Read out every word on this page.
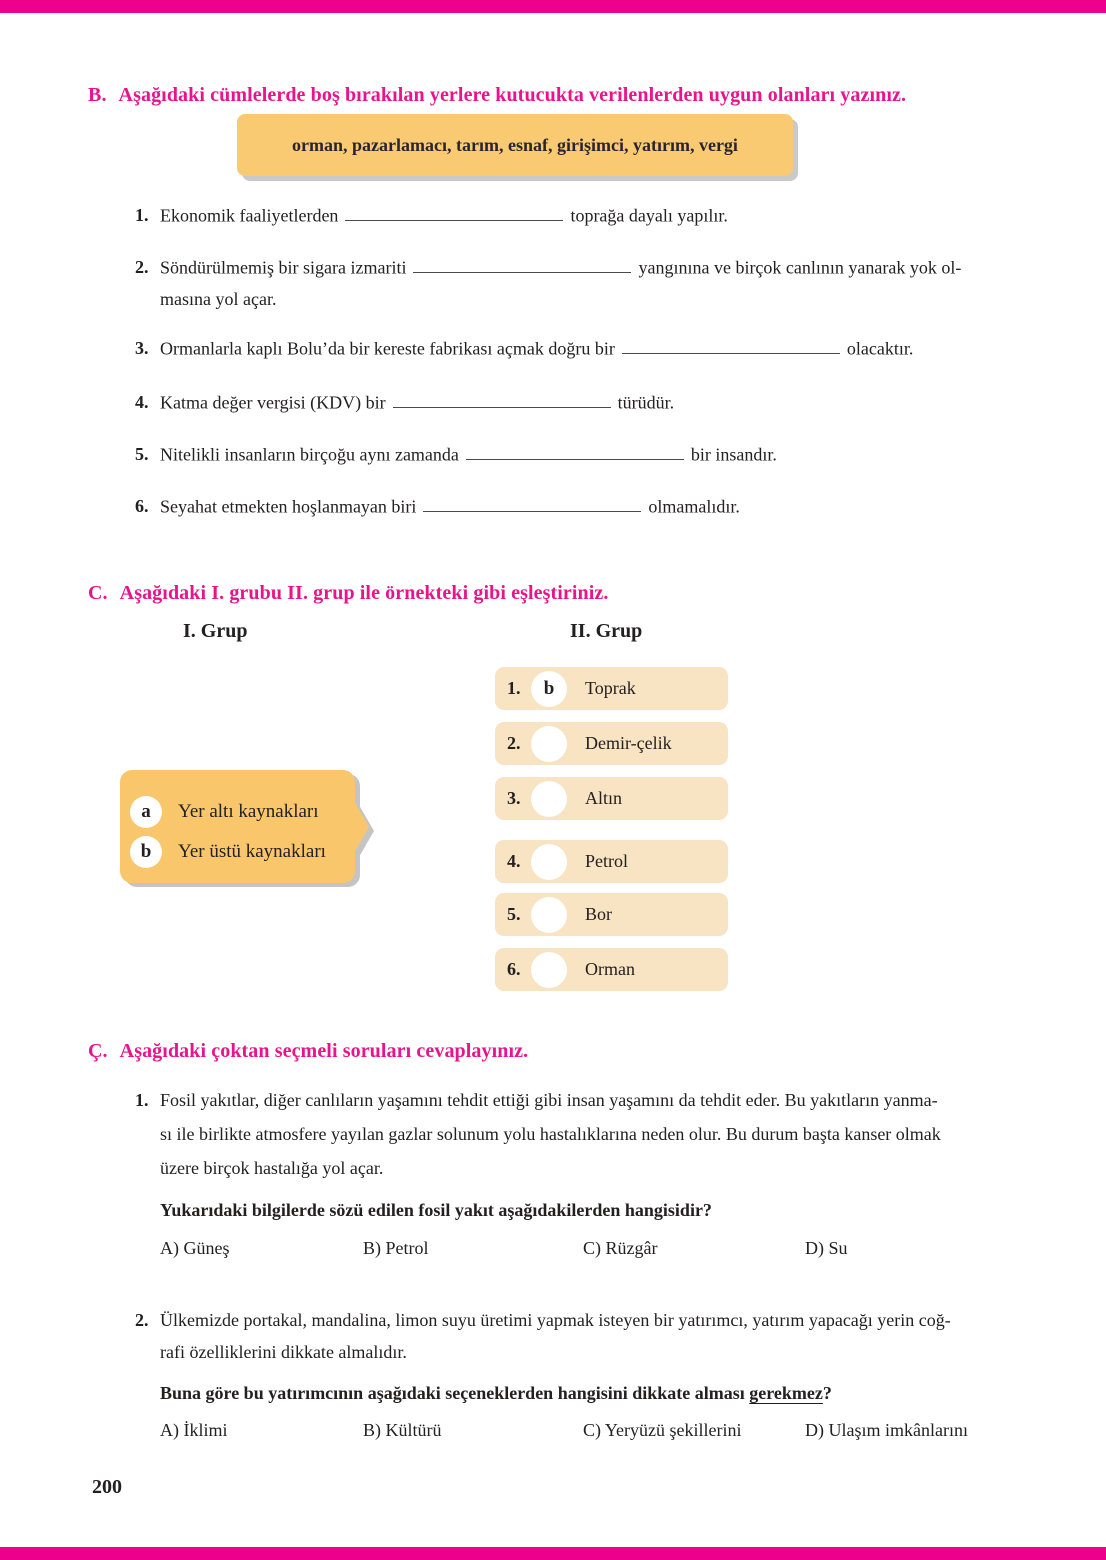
B. Aşağıdaki cümlelerde boş bırakılan yerlere kutucukta verilenlerden uygun olanları yazınız.
orman, pazarlamacı, tarım, esnaf, girişimci, yatırım, vergi
1. Ekonomik faaliyetlerden	toprağa dayalı yapılır.
2. Söndürülmemiş bir sigara izmariti	yangınına ve birçok canlının yanarak yok ol-
masına yol açar.
3. Ormanlarla kaplı Bolu’da bir kereste fabrikası açmak doğru bir	olacaktır.
4. Katma değer vergisi (KDV) bir	türüdür.
5. Nitelikli insanların birçoğu aynı zamanda	bir insandır.
6. Seyahat etmekten hoşlanmayan biri	olmamalıdır.
C. Aşağıdaki I. grubu II. grup ile örnekteki gibi eşleştiriniz.
I. Grup	II. Grup
a	Yer altı kaynakları
b	Yer üstü kaynakları
1.	b	Toprak
2.	Demir-çelik
3.	Altın
4.	Petrol
5.	Bor
6.	Orman
Ç. Aşağıdaki çoktan seçmeli soruları cevaplayınız.
1. Fosil yakıtlar, diğer canlıların yaşamını tehdit ettiği gibi insan yaşamını da tehdit eder. Bu yakıtların yanma-
sı ile birlikte atmosfere yayılan gazlar solunum yolu hastalıklarına neden olur. Bu durum başta kanser olmak
üzere birçok hastalığa yol açar.
Yukarıdaki bilgilerde sözü edilen fosil yakıt aşağıdakilerden hangisidir?
A) Güneş	B) Petrol	C) Rüzgâr	D) Su
2. Ülkemizde portakal, mandalina, limon suyu üretimi yapmak isteyen bir yatırımcı, yatırım yapacağı yerin coğ-
rafi özelliklerini dikkate almalıdır.
Buna göre bu yatırımcının aşağıdaki seçeneklerden hangisini dikkate alması gerekmez?
A) İklimi	B) Kültürü	C) Yeryüzü şekillerini	D) Ulaşım imkânlarını
200
